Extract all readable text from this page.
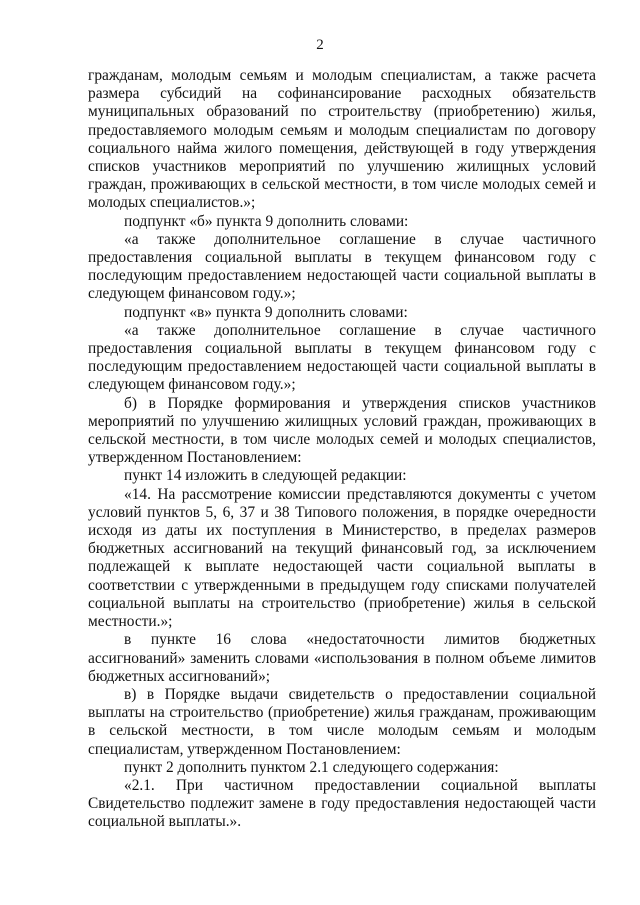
2

гражданам, молодым семьям и молодым специалистам, а также расчета размера субсидий на софинансирование расходных обязательств муниципальных образований по строительству (приобретению) жилья, предоставляемого молодым семьям и молодым специалистам по договору социального найма жилого помещения, действующей в году утверждения списков участников мероприятий по улучшению жилищных условий граждан, проживающих в сельской местности, в том числе молодых семей и молодых специалистов.»;

подпункт «б» пункта 9 дополнить словами:

«а также дополнительное соглашение в случае частичного предоставления социальной выплаты в текущем финансовом году с последующим предоставлением недостающей части социальной выплаты в следующем финансовом году.»;

подпункт «в» пункта 9 дополнить словами:

«а также дополнительное соглашение в случае частичного предоставления социальной выплаты в текущем финансовом году с последующим предоставлением недостающей части социальной выплаты в следующем финансовом году.»;

б) в Порядке формирования и утверждения списков участников мероприятий по улучшению жилищных условий граждан, проживающих в сельской местности, в том числе молодых семей и молодых специалистов, утвержденном Постановлением:

пункт 14 изложить в следующей редакции:

«14. На рассмотрение комиссии представляются документы с учетом условий пунктов 5, 6, 37 и 38 Типового положения, в порядке очередности исходя из даты их поступления в Министерство, в пределах размеров бюджетных ассигнований на текущий финансовый год, за исключением подлежащей к выплате недостающей части социальной выплаты в соответствии с утвержденными в предыдущем году списками получателей социальной выплаты на строительство (приобретение) жилья в сельской местности.»;

в пункте 16 слова «недостаточности лимитов бюджетных ассигнований» заменить словами «использования в полном объеме лимитов бюджетных ассигнований»;

в) в Порядке выдачи свидетельств о предоставлении социальной выплаты на строительство (приобретение) жилья гражданам, проживающим в сельской местности, в том числе молодым семьям и молодым специалистам, утвержденном Постановлением:

пункт 2 дополнить пунктом 2.1 следующего содержания:

«2.1. При частичном предоставлении социальной выплаты Свидетельство подлежит замене в году предоставления недостающей части социальной выплаты.».
